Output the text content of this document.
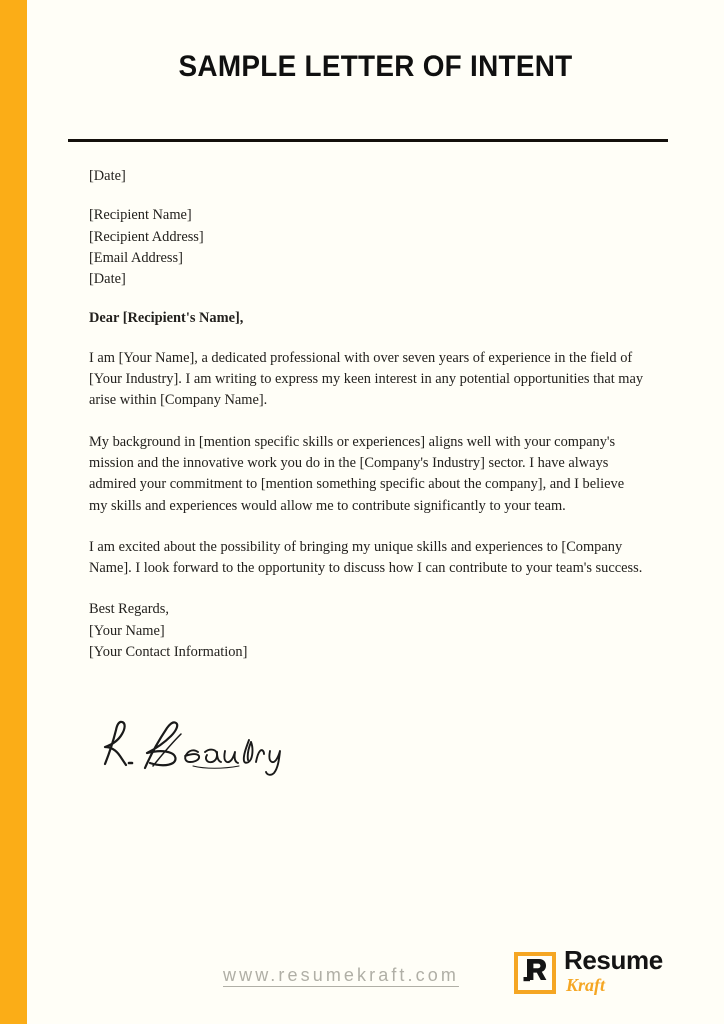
SAMPLE LETTER OF INTENT
[Date]
[Recipient Name]
[Recipient Address]
[Email Address]
[Date]
Dear [Recipient's Name],

I am [Your Name], a dedicated professional with over seven years of experience in the field of [Your Industry]. I am writing to express my keen interest in any potential opportunities that may arise within [Company Name].

My background in [mention specific skills or experiences] aligns well with your company's mission and the innovative work you do in the [Company's Industry] sector. I have always admired your commitment to [mention something specific about the company], and I believe my skills and experiences would allow me to contribute significantly to your team.

I am excited about the possibility of bringing my unique skills and experiences to [Company Name]. I look forward to the opportunity to discuss how I can contribute to your team's success.

Best Regards,
[Your Name]
[Your Contact Information]
www.resumekraft.com	Resume
Kraft
